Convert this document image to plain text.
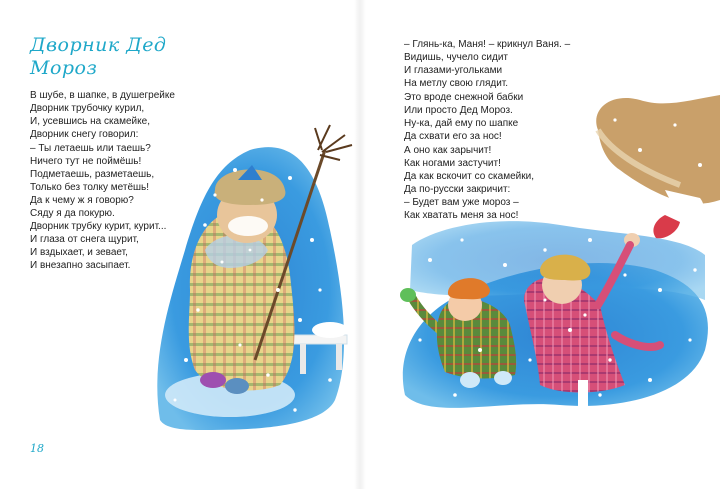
Дворник Дед
Мороз
В шубе, в шапке, в душегрейке
Дворник трубочку курил,
И, усевшись на скамейке,
Дворник снегу говорил:
– Ты летаешь или таешь?
Ничего тут не поймёшь!
Подметаешь, разметаешь,
Только без толку метёшь!
Да к чему ж я говорю?
Сяду я да покурю.
Дворник трубку курит, курит...
И глаза от снега щурит,
И вздыхает, и зевает,
И внезапно засыпает.
18
– Глянь-ка, Маня! – крикнул Ваня. –
Видишь, чучело сидит
И глазами-угольками
На метлу свою глядит.
Это вроде снежной бабки
Или просто Дед Мороз.
Ну-ка, дай ему по шапке
Да схвати его за нос!
А оно как зарычит!
Как ногами застучит!
Да как вскочит со скамейки,
Да по-русски закричит:
– Будет вам уже мороз –
Как хватать меня за нос!
